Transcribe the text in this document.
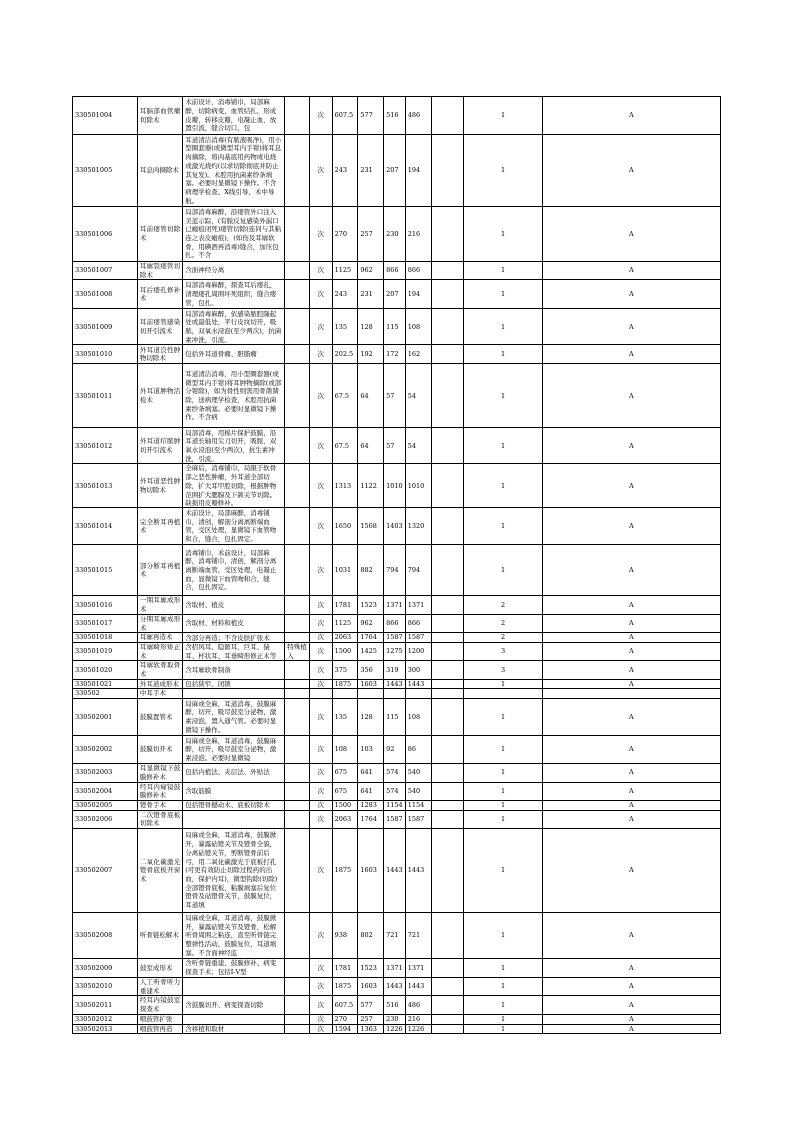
330501004	耳脑部血管瘤切除术	术前设计，消毒铺巾，局部麻醉，切除病变，血管结扎，形成皮瓣，转移皮瓣，电凝止血，放置引流，缝合切口，包		次	607.5	577	516	486		1	A
330501005	耳息肉摘除术	耳道清洁消毒(有脓液吸净)，用小型圈套器(或微型耳内手钳)将耳息肉摘除，将肉基底用药物或电烧或激光烧灼(以求切除彻底并防止其复发)。术腔用抗菌素纱条填塞。必要时显微镜下操作。不含病理学检查、X线引导、术中导航。		次	243	231	207	194		1	A
330501006	耳前瘘管切除术	局部消毒麻醉，沿瘘管外口注入美蓝示踪，(有脓反复感染外漏口已瘢痕闭死)瘘管切除(连同与其粘连之表皮瘢痕)，(如伤及耳廓软骨，用碘酒再消毒)缝合，加压包扎。不含		次	270	257	230	216		1	A
330501007	耳廓裂瘘管切除术	含面神经分离		次	1125	962	866	866		1	A
330501008	耳后瘘孔修补术	局部消毒麻醉，探查耳后瘘孔，清理瘘孔周围坏死组织，缝合瘘管，包扎。		次	243	231	207	194		1	A
330501009	耳前瘘管感染切开引流术	局部消毒麻醉，依感染脓腔隆起处或最低处，平行皮纹切开，吸脓，双氧水浸泡(至少两次)，抗菌素冲洗，引流。		次	135	128	115	108		1	A
330501010	外耳道良性肿物切除术	包括外耳道骨瘤、胆脂瘤		次	202.5	192	172	162		1	A
330501011	外耳道肿物活检术	耳道清洁消毒，用小型圈套器(或微型耳内手钳)将耳肿物摘除(或部分钳除)，如为骨性则需用骨凿凿除，送病理学检查，术腔用抗菌素纱条填塞。必要时显微镜下操作。不含病		次	67.5	64	57	54		1	A
330501012	外耳道疖脓肿切开引流术	局部消毒，用棉片保护鼓膜，沿耳道长轴用尖刀切开，吸脓，双氧水浸泡(至少两次)，抗生素冲洗，引流。		次	67.5	64	57	54		1	A
330501013	外耳道恶性肿物切除术	全麻后，消毒铺巾，局限于软骨部之恶性肿瘤，外耳道全部切除，扩大耳甲腔切除，根据肿物范围扩大腮腺及下颌关节切除。缺损用皮瓣修补。		次	1313	1122	1010	1010		1	A
330501014	完全断耳再植术	术前设计，局部麻醉，消毒铺巾，清创，解剖分离离断端血管，受区处理，显微镜下血管吻和合，缝合，包扎固定。		次	1650	1568	1403	1320		1	A
330501015	部分断耳再植术	消毒铺巾，术前设计，局部麻醉，消毒铺巾，清创，解剖分离离断端血管，受区处理，电凝止血，显微镜下血管吻和合，缝合，包扎固定。		次	1031	882	794	794		1	A
330501016	一期耳廓成形术	含取材、植皮		次	1781	1523	1371	1371		2	A
330501017	分期耳廓成形术	含取材、材料和植皮		次	1125	962	866	866		2	A
330501018	耳廓再造术	含部分再造；不含皮肤扩张术		次	2063	1764	1587	1587		2	A
330501019	耳廓畸形矫正术	含招风耳、隐匿耳、巨耳、猿耳、杯状耳、耳垂畸形修正术等	特殊植入	次	1500	1425	1275	1200		3	A
330501020	耳廓软骨取骨术	含耳廓软骨制备		次	375	356	319	300		3	A
330501021	外耳道成形术	包括狭窄、闭锁		次	1875	1603	1443	1443		1	A
330502	中耳手术	

330502001	鼓膜置管术	局麻或全麻，耳道消毒，鼓膜麻醉，切开，吸尽鼓室分泌物，激素浸泡，置入通气管。必要时显微镜下操作。		次	135	128	115	108		1	A
330502002	鼓膜切开术	局麻或全麻，耳道消毒，鼓膜麻醉，切开，吸尽鼓室分泌物，激素浸泡。必要时显微镜		次	108	103	92	86		1	A
330502003	耳显微镜下鼓膜修补术	包括内植法、夹层法、外贴法		次	675	641	574	540		1	A
330502004	经耳内窥镜鼓膜修补术	含取筋膜		次	675	641	574	540		1	A
330502005	镫骨手术	包括镫骨撼动术、底板切除术		次	1500	1283	1154	1154		1	A
330502006	二次镫骨底板切除术			次	2063	1764	1587	1587		1	A
330502007	二氧化碳激光镫骨底板开窗术	局麻或全麻，耳道消毒，鼓膜掀开，暴露砧镫关节及镫骨全貌，分离砧镫关节，剪断镫骨前后弓，用二氧化碳激光于底板打孔(可更有效防止切除过程药的出血，保护内耳)，微型钩除(切除)全部镫骨底板，粘膜填塞后复位镫骨及砧镫骨关节，鼓膜复位，耳道填		次	1875	1603	1443	1443		1	A
330502008	听骨链松解术	局麻或全麻，耳道消毒，鼓膜掀开，暴露砧镫关节及镫骨，松解听骨周围之粘连，直至听骨链完整弹性活动，鼓膜复位，耳道填塞。不含面神经监		次	938	802	721	721		1	A
330502009	鼓室成形术	含听骨链重建、鼓膜修补、病变探查手术；包括Ⅰ-Ⅴ型		次	1781	1523	1371	1371		1	A
330502010	人工听骨听力重建术			次	1875	1603	1443	1443		1	A
330502011	经耳内镜鼓室探查术	含鼓膜切开、病变探查切除		次	607.5	577	516	486		1	A
330502012	咽鼓管扩张			次	270	257	230	216		1	A
330502013	咽鼓管再造	含移植和取材		次	1594	1363	1226	1226		1	A
